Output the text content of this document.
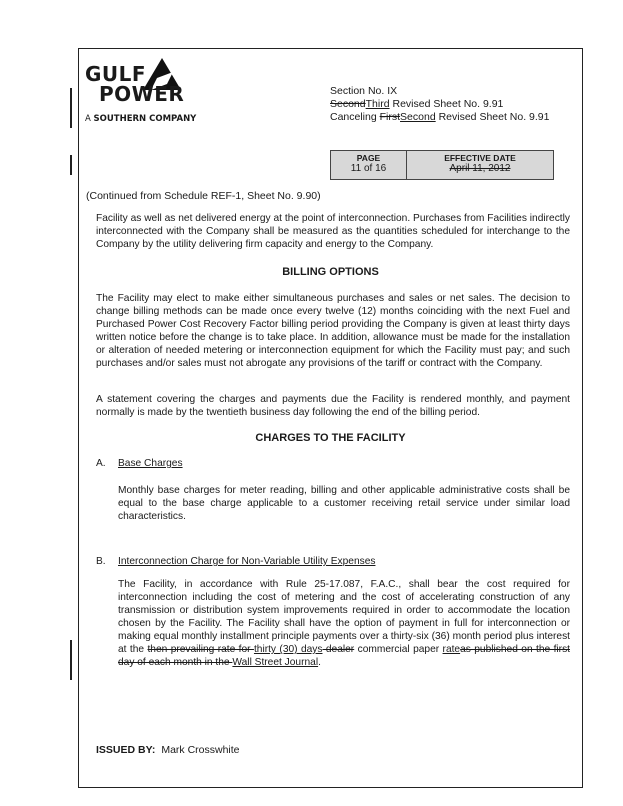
GULF
POWER
A SOUTHERN COMPANY
Section No. IX
SecondThird Revised Sheet No. 9.91
Canceling FirstSecond Revised Sheet No. 9.91
PAGE
11 of 16
EFFECTIVE DATE
April 11, 2012
(Continued from Schedule REF-1, Sheet No. 9.90)
Facility as well as net delivered energy at the point of interconnection. Purchases from Facilities indirectly interconnected with the Company shall be measured as the quantities scheduled for interchange to the Company by the utility delivering firm capacity and energy to the Company.
BILLING OPTIONS
The Facility may elect to make either simultaneous purchases and sales or net sales. The decision to change billing methods can be made once every twelve (12) months coinciding with the next Fuel and Purchased Power Cost Recovery Factor billing period providing the Company is given at least thirty days written notice before the change is to take place. In addition, allowance must be made for the installation or alteration of needed metering or interconnection equipment for which the Facility must pay; and such purchases and/or sales must not abrogate any provisions of the tariff or contract with the Company.
A statement covering the charges and payments due the Facility is rendered monthly, and payment normally is made by the twentieth business day following the end of the billing period.
CHARGES TO THE FACILITY
A. Base Charges
Monthly base charges for meter reading, billing and other applicable administrative costs shall be equal to the base charge applicable to a customer receiving retail service under similar load characteristics.
B. Interconnection Charge for Non-Variable Utility Expenses
The Facility, in accordance with Rule 25-17.087, F.A.C., shall bear the cost required for interconnection including the cost of metering and the cost of accelerating construction of any transmission or distribution system improvements required in order to accommodate the location chosen by the Facility. The Facility shall have the option of payment in full for interconnection or making equal monthly installment principle payments over a thirty-six (36) month period plus interest at the then prevailing rate for thirty (30) days dealer commercial paper rateas published on the first day of each month in the Wall Street Journal.
ISSUED BY: Mark Crosswhite
